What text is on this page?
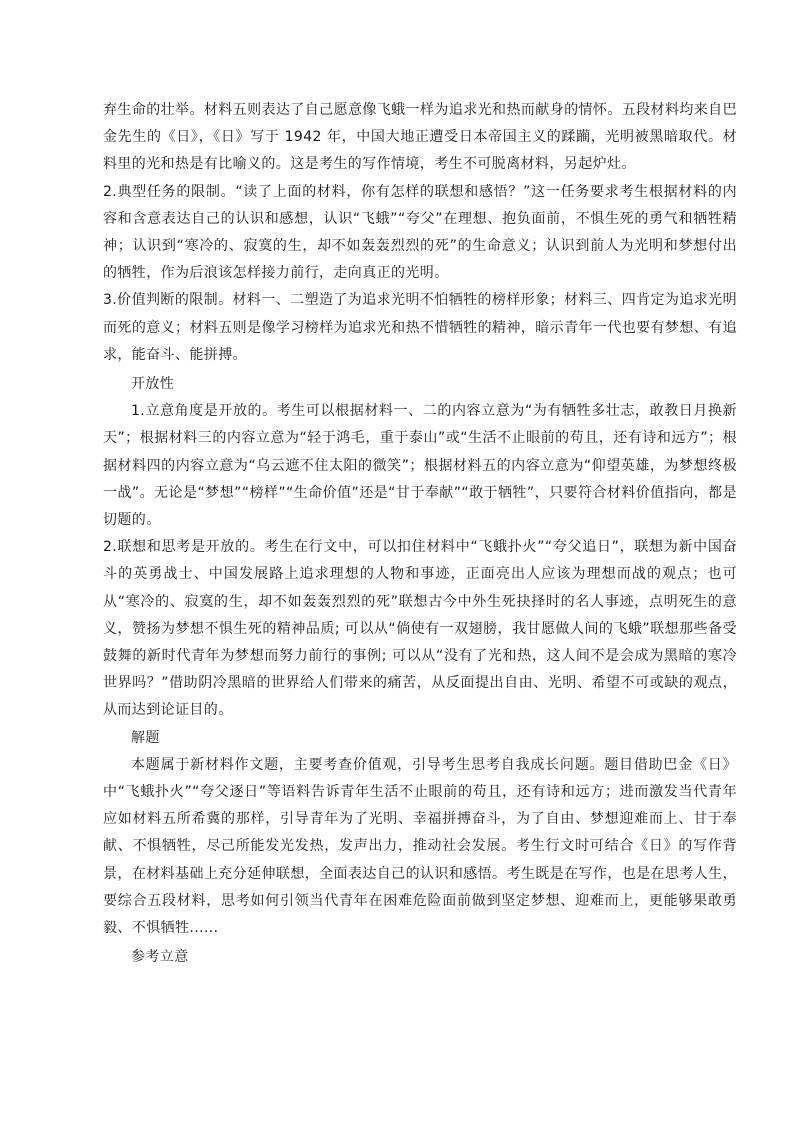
弃生命的壮举。材料五则表达了自己愿意像飞蛾一样为追求光和热而献身的情怀。五段材料均来自巴金先生的《日》，《日》写于 1942 年，中国大地正遭受日本帝国主义的蹂躏，光明被黑暗取代。材料里的光和热是有比喻义的。这是考生的写作情境，考生不可脱离材料，另起炉灶。

2.典型任务的限制。“读了上面的材料，你有怎样的联想和感悟？”这一任务要求考生根据材料的内容和含意表达自己的认识和感想，认识“飞蛾”“夸父”在理想、抱负面前，不惧生死的勇气和牺牲精神；认识到“寒冷的、寂寞的生，却不如轰轰烈烈的死”的生命意义；认识到前人为光明和梦想付出的牺牲，作为后浪该怎样接力前行，走向真正的光明。

3.价值判断的限制。材料一、二塑造了为追求光明不怕牺牲的榜样形象；材料三、四肯定为追求光明而死的意义；材料五则是像学习榜样为追求光和热不惜牺牲的精神，暗示青年一代也要有梦想、有追求，能奋斗、能拼搏。

开放性

1.立意角度是开放的。考生可以根据材料一、二的内容立意为“为有牺牲多壮志，敢教日月换新天”；根据材料三的内容立意为“轻于鸿毛，重于泰山”或“生活不止眼前的苟且，还有诗和远方”；根据材料四的内容立意为“乌云遮不住太阳的微笑”；根据材料五的内容立意为“仰望英雄，为梦想终极一战”。无论是“梦想”“榜样”“生命价值”还是“甘于奉献”“敢于牺牲”，只要符合材料价值指向，都是切题的。

2.联想和思考是开放的。考生在行文中，可以扣住材料中“飞蛾扑火”“夸父追日”，联想为新中国奋斗的英勇战士、中国发展路上追求理想的人物和事迹，正面亮出人应该为理想而战的观点；也可从“寒冷的、寂寞的生，却不如轰轰烈烈的死”联想古今中外生死抉择时的名人事迹，点明死生的意义，赞扬为梦想不惧生死的精神品质; 可以从“倘使有一双翅膀，我甘愿做人间的飞蛾”联想那些备受鼓舞的新时代青年为梦想而努力前行的事例; 可以从“没有了光和热，这人间不是会成为黑暗的寒冷世界吗？”借助阴冷黑暗的世界给人们带来的痛苦，从反面提出自由、光明、希望不可或缺的观点，从而达到论证目的。

解题

本题属于新材料作文题，主要考查价值观，引导考生思考自我成长问题。题目借助巴金《日》中“飞蛾扑火”“夸父逐日”等语料告诉青年生活不止眼前的苟且，还有诗和远方；进而激发当代青年应如材料五所希冀的那样，引导青年为了光明、幸福拼搏奋斗，为了自由、梦想迎难而上、甘于奉献、不惧牺牲，尽己所能发光发热，发声出力，推动社会发展。考生行文时可结合《日》的写作背景，在材料基础上充分延伸联想，全面表达自己的认识和感悟。考生既是在写作，也是在思考人生，要综合五段材料，思考如何引领当代青年在困难危险面前做到坚定梦想、迎难而上，更能够果敢勇毅、不惧牺牲......

参考立意
